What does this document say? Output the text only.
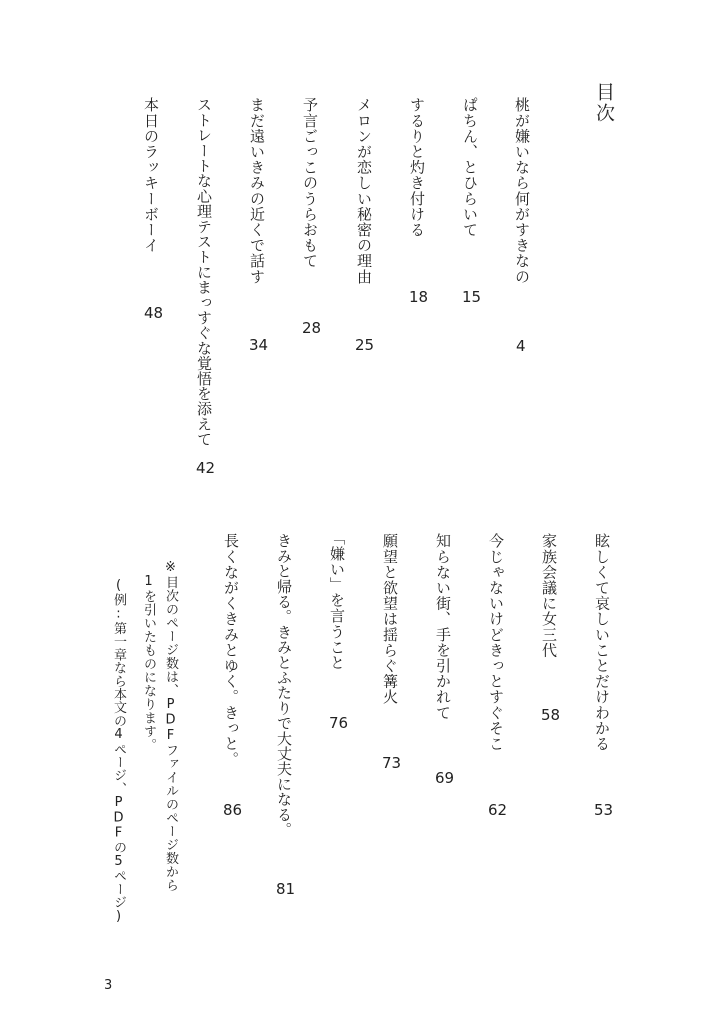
目次
桃が嫌いなら何がすきなの
4
ぱちん、とひらいて
15
するりと灼き付ける
18
メロンが恋しい秘密の理由
25
予言ごっこのうらおもて
28
まだ遠いきみの近くで話す
34
ストレートな心理テストにまっすぐな覚悟を添えて
42
本日のラッキーボーイ
48
眩しくて哀しいことだけわかる
53
家族会議に女三代
58
今じゃないけどきっとすぐそこ
62
知らない街、手を引かれて
69
願望と欲望は揺らぐ篝火
73
「嫌い」を言うこと
76
きみと帰る。きみとふたりで大丈夫になる。
81
長くながくきみとゆく。きっと。
86
※目次のページ数は、PDFファイルのページ数から
1を引いたものになります。
(例:第一章なら本文の4ページ、PDFの5ページ)
3
